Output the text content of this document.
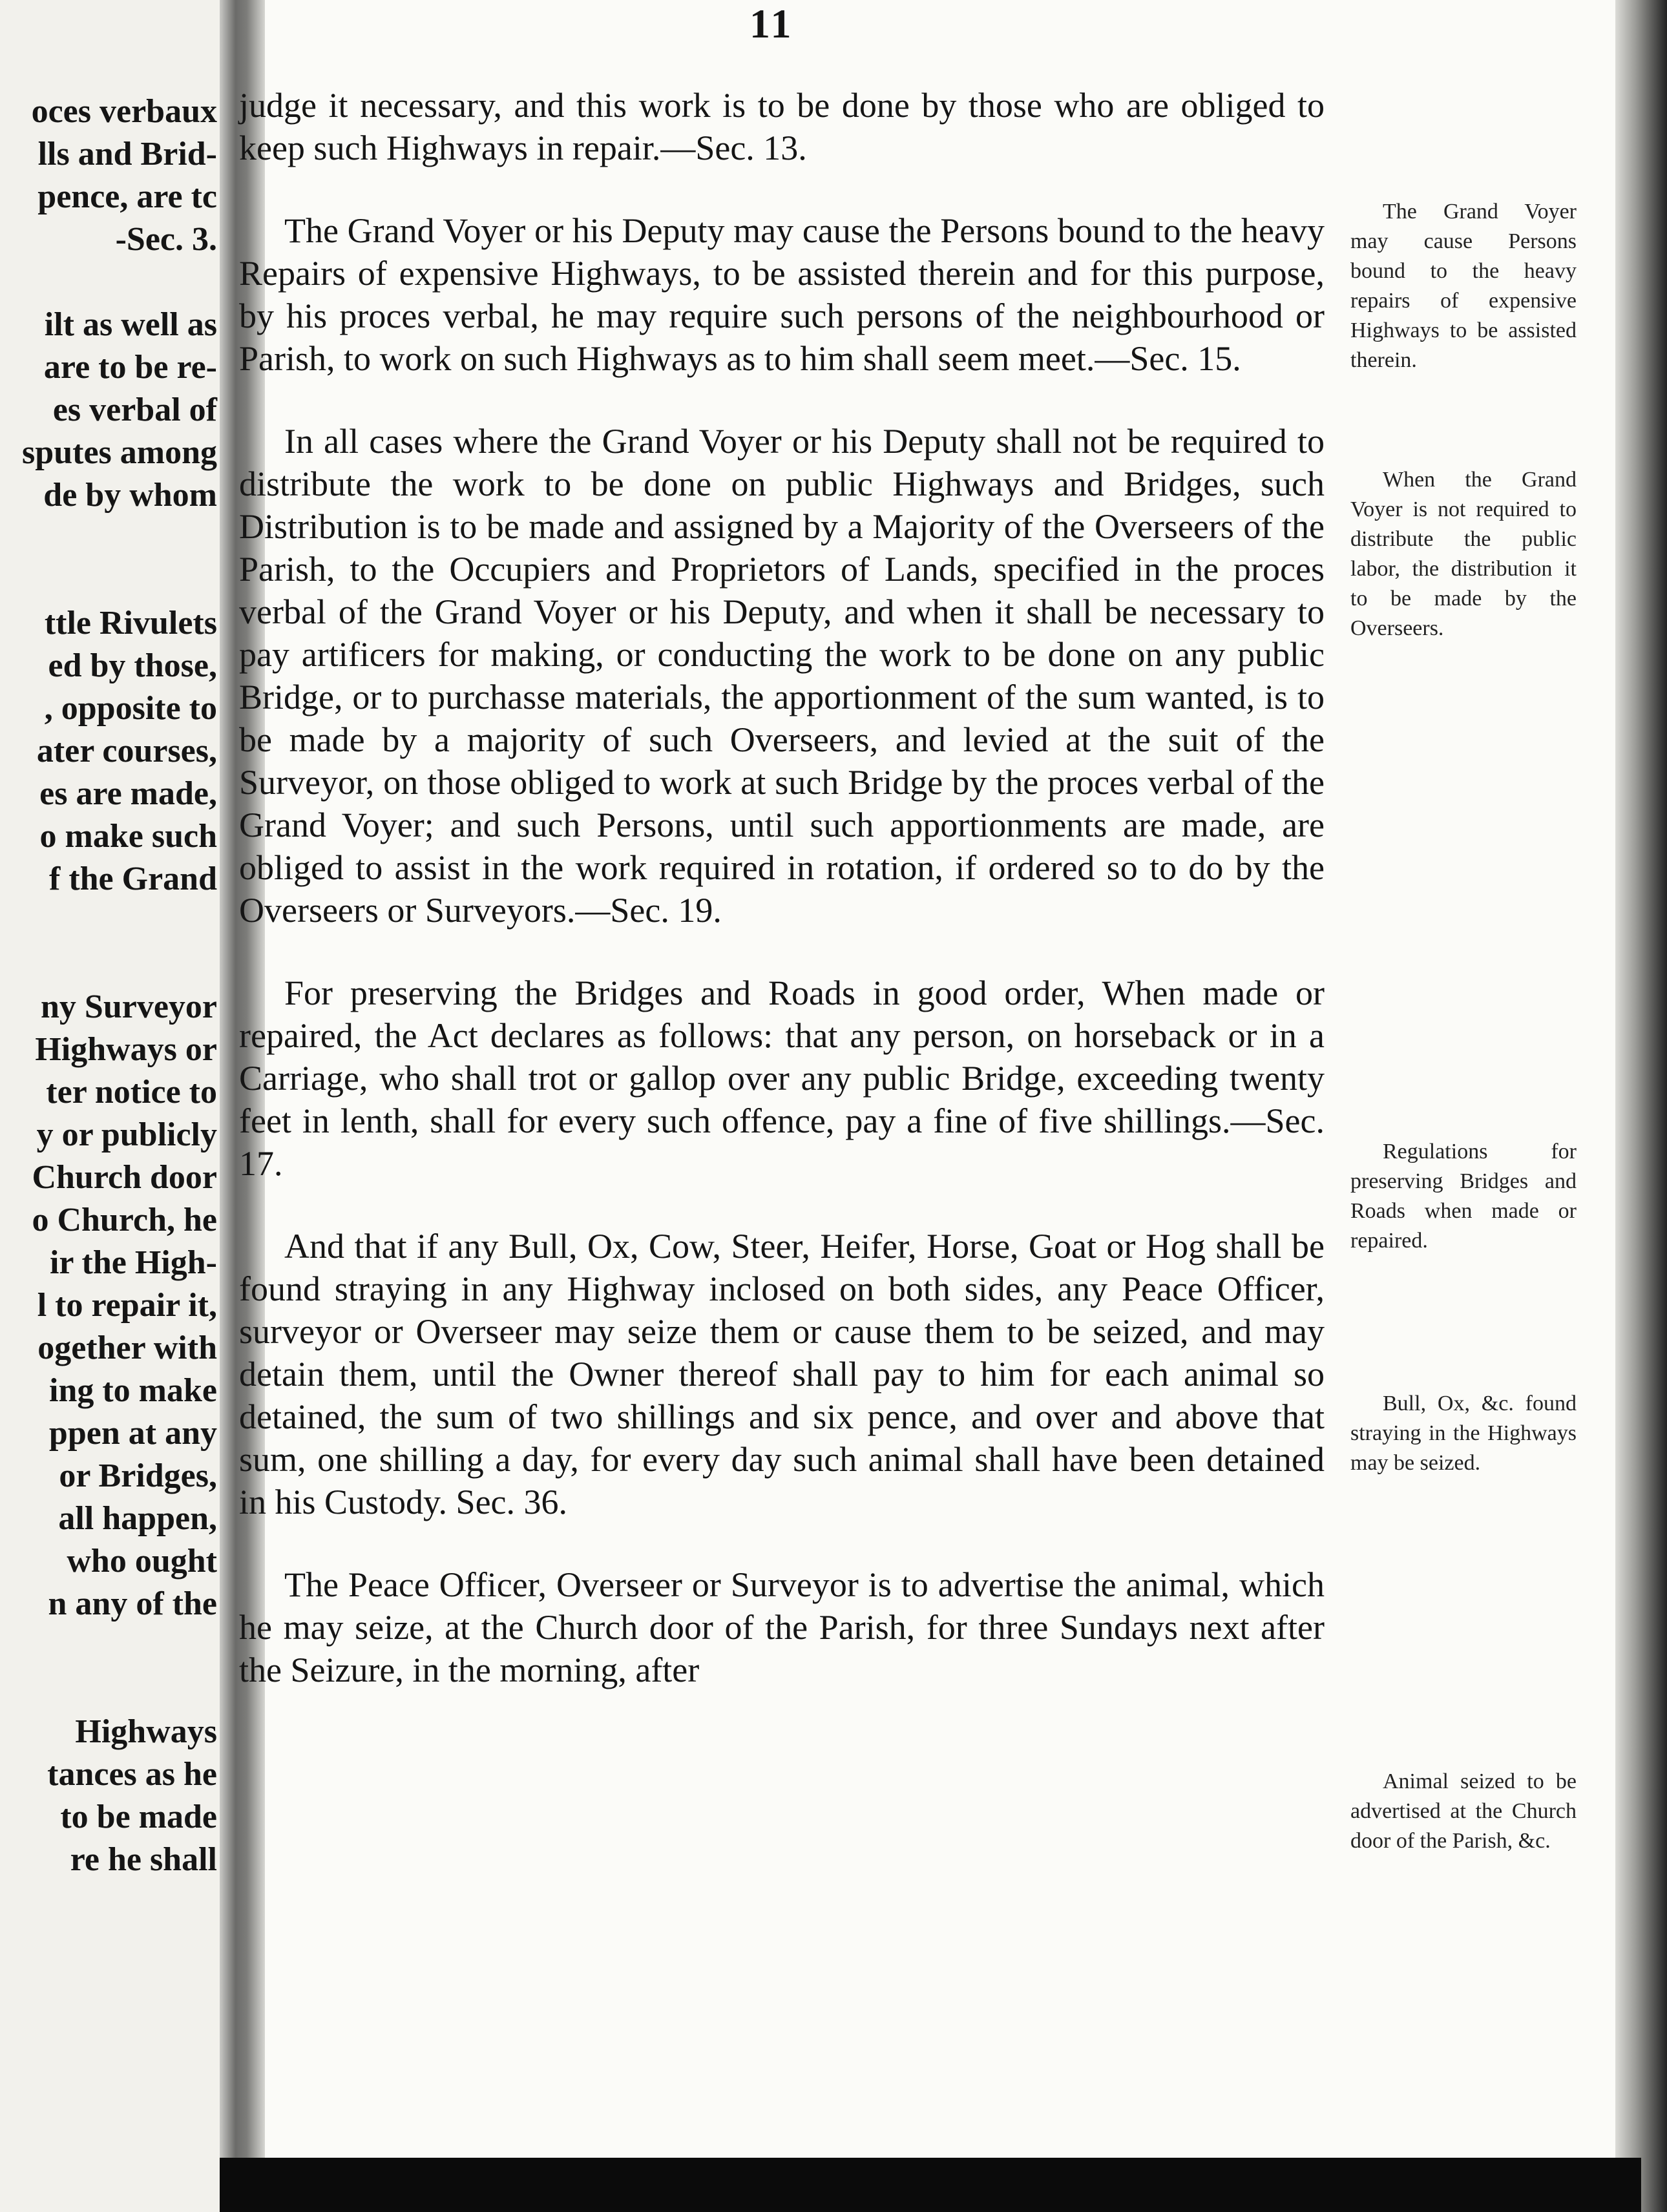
oces verbaux
lls and Brid-
pence, are tc
-Sec. 3.
ilt as well as
are to be re-
es verbal of
sputes among
de by whom
ttle Rivulets
ed by those,
, opposite to
ater courses,
es are made,
o make such
f the Grand
ny Surveyor
Highways or
ter notice to
y or publicly
Church door
o Church, he
ir the High-
l to repair it,
ogether with
ing to make
ppen at any
or Bridges,
all happen,
who ought
n any of the
Highways
tances as he
to be made
re he shall
11
judge it necessary, and this work is to be done by those who are obliged to keep such Highways in repair.—Sec. 13.
The Grand Voyer or his Deputy may cause the Persons bound to the heavy Repairs of expensive Highways, to be assisted therein and for this purpose, by his proces verbal, he may require such persons of the neighbourhood or Parish, to work on such Highways as to him shall seem meet.—Sec. 15.
In all cases where the Grand Voyer or his Deputy shall not be required to distribute the work to be done on public Highways and Bridges, such Distribution is to be made and assigned by a Majority of the Overseers of the Parish, to the Occupiers and Proprietors of Lands, specified in the proces verbal of the Grand Voyer or his Deputy, and when it shall be necessary to pay artificers for making, or conducting the work to be done on any public Bridge, or to purchasse materials, the apportionment of the sum wanted, is to be made by a majority of such Overseers, and levied at the suit of the Surveyor, on those obliged to work at such Bridge by the proces verbal of the Grand Voyer; and such Persons, until such apportionments are made, are obliged to assist in the work required in rotation, if ordered so to do by the Overseers or Surveyors.—Sec. 19.
For preserving the Bridges and Roads in good order, When made or repaired, the Act declares as follows: that any person, on horseback or in a Carriage, who shall trot or gallop over any public Bridge, exceeding twenty feet in lenth, shall for every such offence, pay a fine of five shillings.—Sec. 17.
And that if any Bull, Ox, Cow, Steer, Heifer, Horse, Goat or Hog shall be found straying in any Highway inclosed on both sides, any Peace Officer, surveyor or Overseer may seize them or cause them to be seized, and may detain them, until the Owner thereof shall pay to him for each animal so detained, the sum of two shillings and six pence, and over and above that sum, one shilling a day, for every day such animal shall have been detained in his Custody. Sec. 36.
The Peace Officer, Overseer or Surveyor is to advertise the animal, which he may seize, at the Church door of the Parish, for three Sundays next after the Seizure, in the morning, after
The Grand Voyer may cause Persons bound to the heavy repairs of expensive Highways to be assisted therein.
When the Grand Voyer is not required to distribute the public labor, the distribution it to be made by the Overseers.
Regulations for preserving Bridges and Roads when made or repaired.
Bull, Ox, &c. found straying in the Highways may be seized.
Animal seized to be advertised at the Church door of the Parish, &c.
